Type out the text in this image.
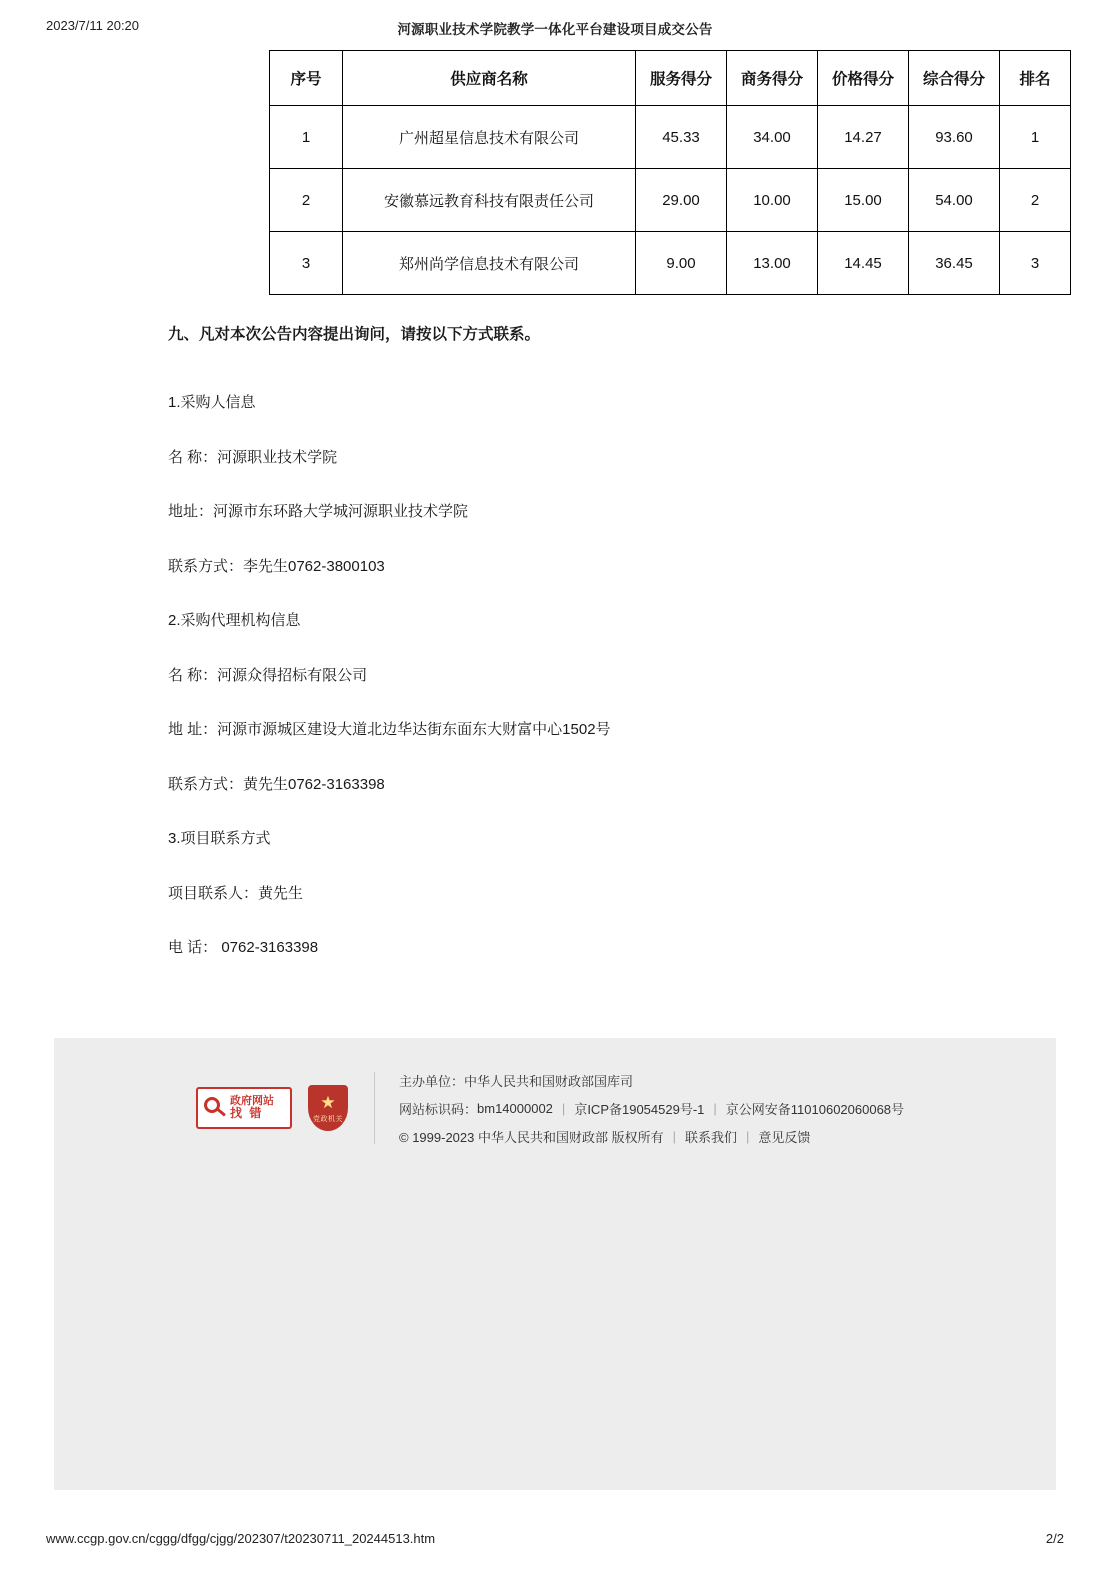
2023/7/11 20:20	河源职业技术学院教学一体化平台建设项目成交公告
序号	供应商名称	服务得分	商务得分	价格得分	综合得分	排名
1	广州超星信息技术有限公司	45.33	34.00	14.27	93.60	1
2	安徽慕远教育科技有限责任公司	29.00	10.00	15.00	54.00	2
3	郑州尚学信息技术有限公司	9.00	13.00	14.45	36.45	3

九、凡对本次公告内容提出询问，请按以下方式联系。

1.采购人信息

名 称：河源职业技术学院

地址：河源市东环路大学城河源职业技术学院

联系方式：李先生0762-3800103

2.采购代理机构信息

名 称：河源众得招标有限公司

地 址：河源市源城区建设大道北边华达街东面东大财富中心1502号

联系方式：黄先生0762-3163398

3.项目联系方式

项目联系人：黄先生

电 话： 0762-3163398

政府网站
找 错
★
党政机关
主办单位： 中华人民共和国财政部国库司
网站标识码： bm14000002 | 京ICP备19054529号-1 | 京公网安备11010602060068号
© 1999-2023 中华人民共和国财政部 版权所有 | 联系我们 | 意见反馈
www.ccgp.gov.cn/cggg/dfgg/cjgg/202307/t20230711_20244513.htm	2/2
